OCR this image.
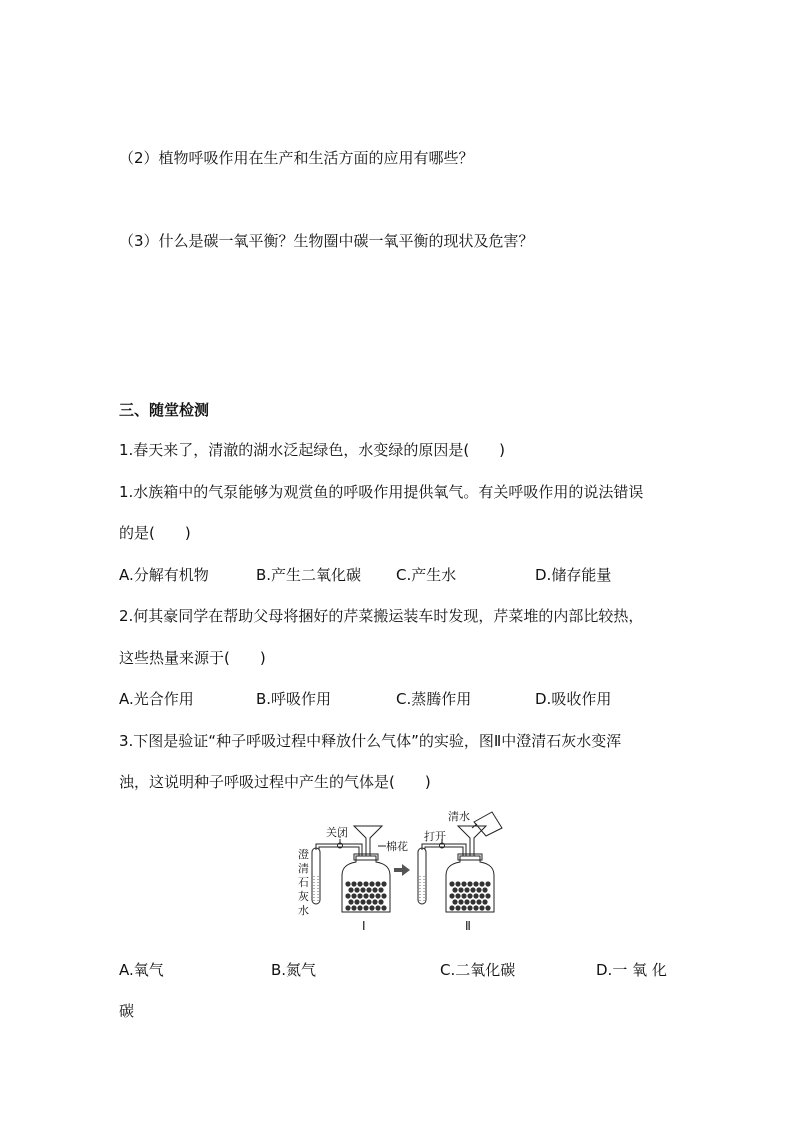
（2）植物呼吸作用在生产和生活方面的应用有哪些？
（3）什么是碳一氧平衡？生物圈中碳一氧平衡的现状及危害？
三、随堂检测
1.春天来了，清澈的湖水泛起绿色，水变绿的原因是(　　)
1.水族箱中的气泵能够为观赏鱼的呼吸作用提供氧气。有关呼吸作用的说法错误
的是(　　)
A.分解有机物	B.产生二氧化碳 C.产生水	D.储存能量
2.何其豪同学在帮助父母将捆好的芹菜搬运装车时发现，芹菜堆的内部比较热，
这些热量来源于(　　)
A.光合作用	B.呼吸作用	C.蒸腾作用	D.吸收作用
3.下图是验证“种子呼吸过程中释放什么气体”的实验，图Ⅱ中澄清石灰水变浑
浊，这说明种子呼吸过程中产生的气体是(　　)
关闭
棉花
澄
清
石
灰
水
打开
清水
Ⅰ	Ⅱ
A.氧气	B.氮气	C.二氧化碳	D.一 氧 化
碳
